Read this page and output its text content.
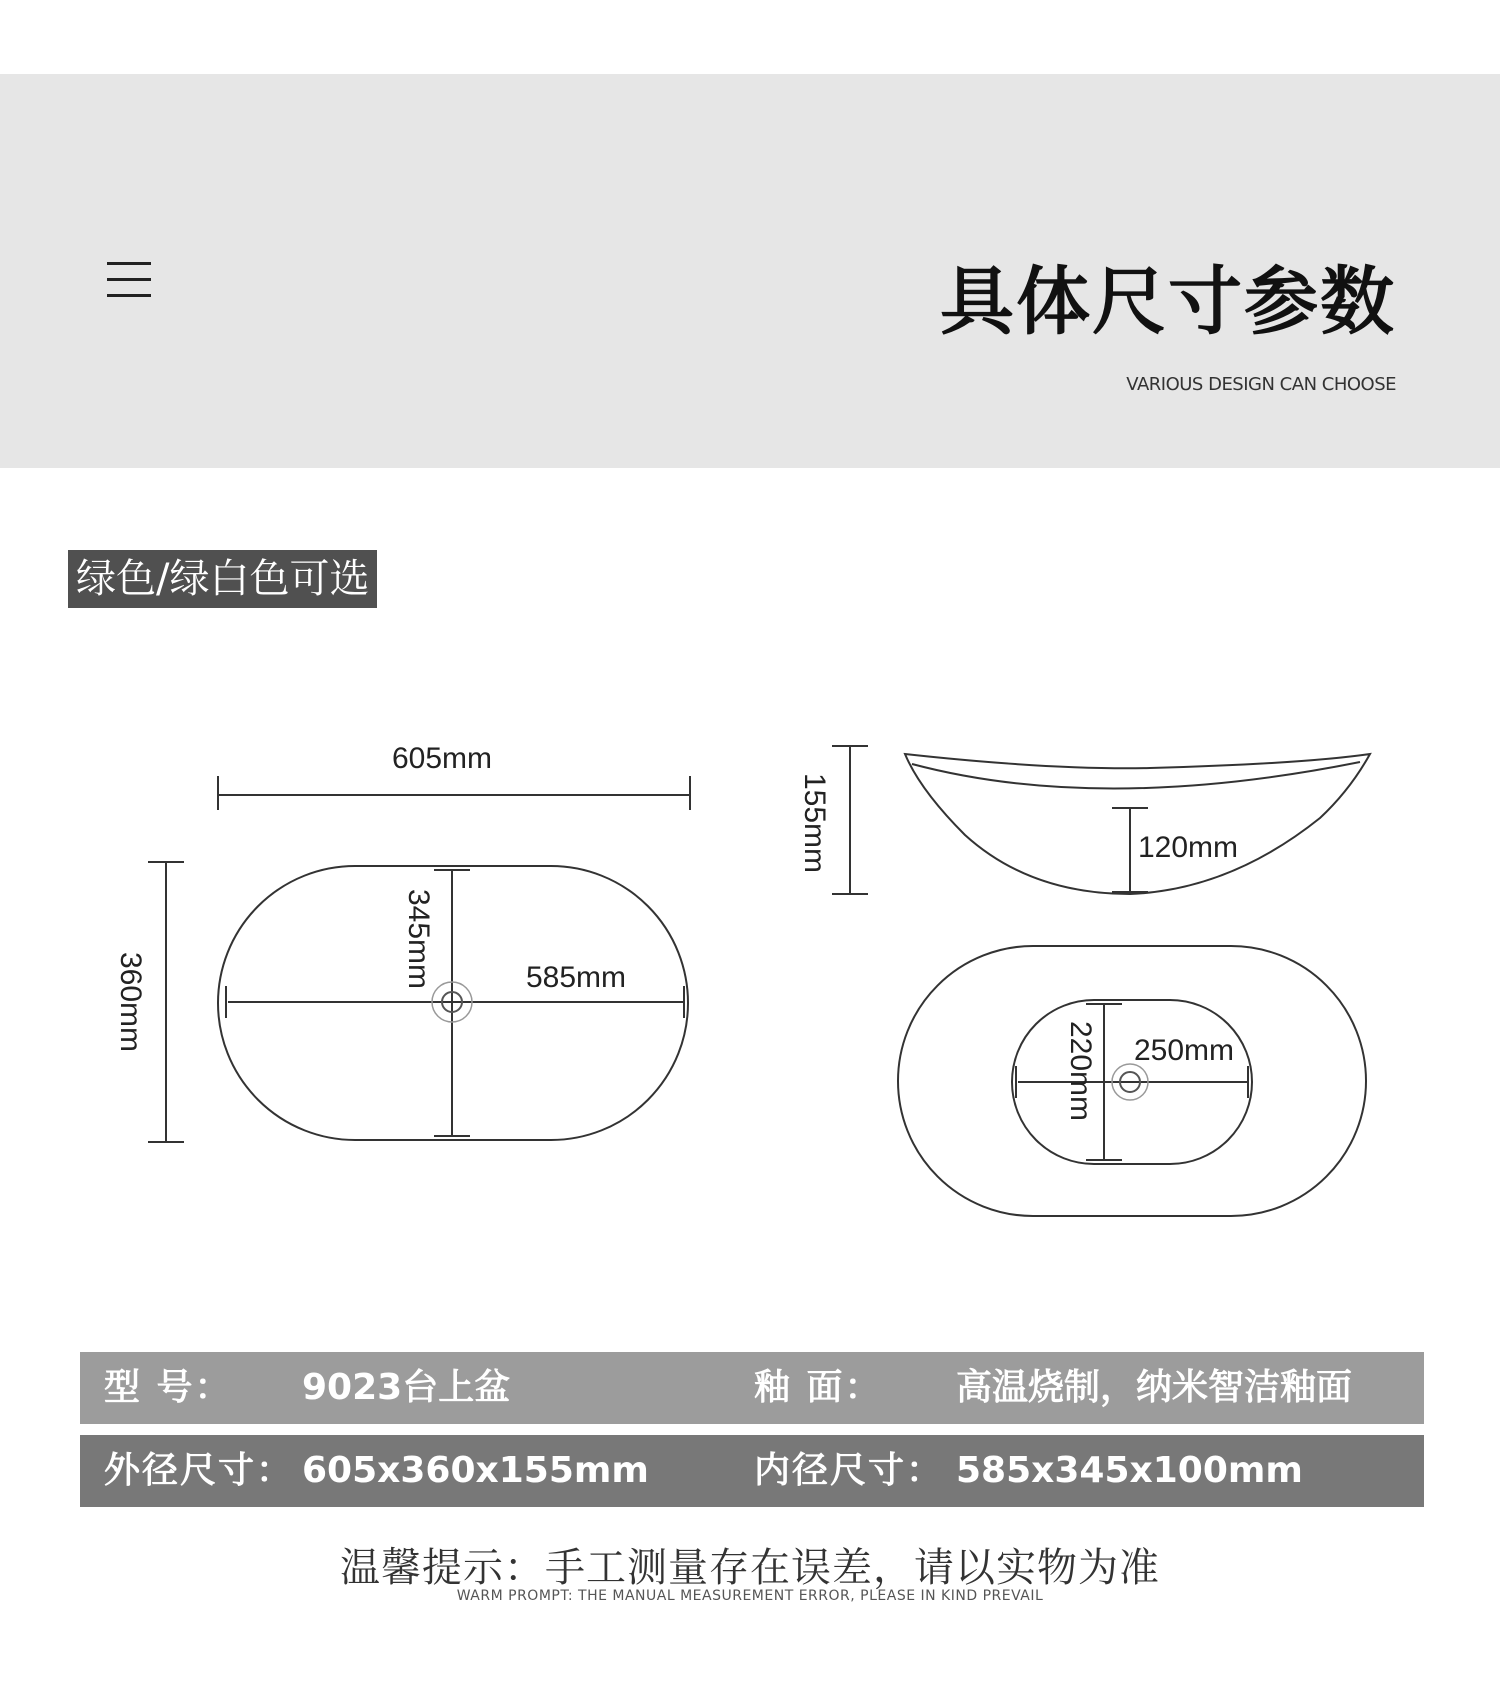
具体尺寸参数
VARIOUS DESIGN CAN CHOOSE
绿色/绿白色可选
605mm
360mm
345mm	585mm
155mm	120mm
220mm 250mm
型 号： 9023台上盆	釉 面： 高温烧制，纳米智洁釉面
外径尺寸： 605x360x155mm	内径尺寸： 585x345x100mm
温馨提示：手工测量存在误差，请以实物为准
WARM PROMPT: THE MANUAL MEASUREMENT ERROR, PLEASE IN KIND PREVAIL
